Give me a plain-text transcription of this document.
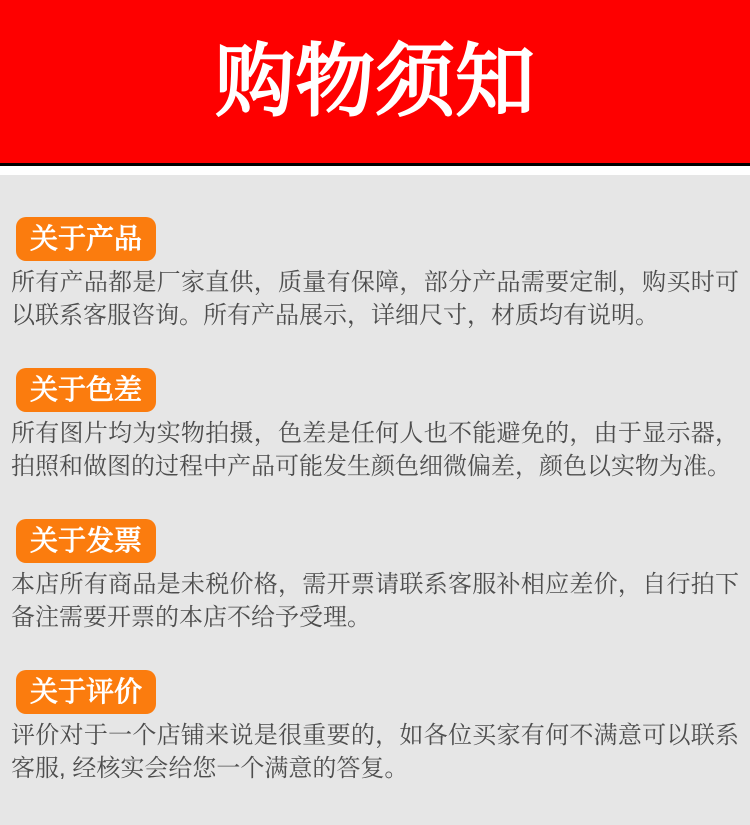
购物须知
关于产品

所有产品都是厂家直供，质量有保障，部分产品需要定制，购买时可以联系客服咨询。所有产品展示，详细尺寸，材质均有说明。

关于色差

所有图片均为实物拍摄，色差是任何人也不能避免的，由于显示器，拍照和做图的过程中产品可能发生颜色细微偏差，颜色以实物为准。

关于发票

本店所有商品是未税价格，需开票请联系客服补相应差价，自行拍下备注需要开票的本店不给予受理。

关于评价

评价对于一个店铺来说是很重要的，如各位买家有何不满意可以联系客服, 经核实会给您一个满意的答复。
